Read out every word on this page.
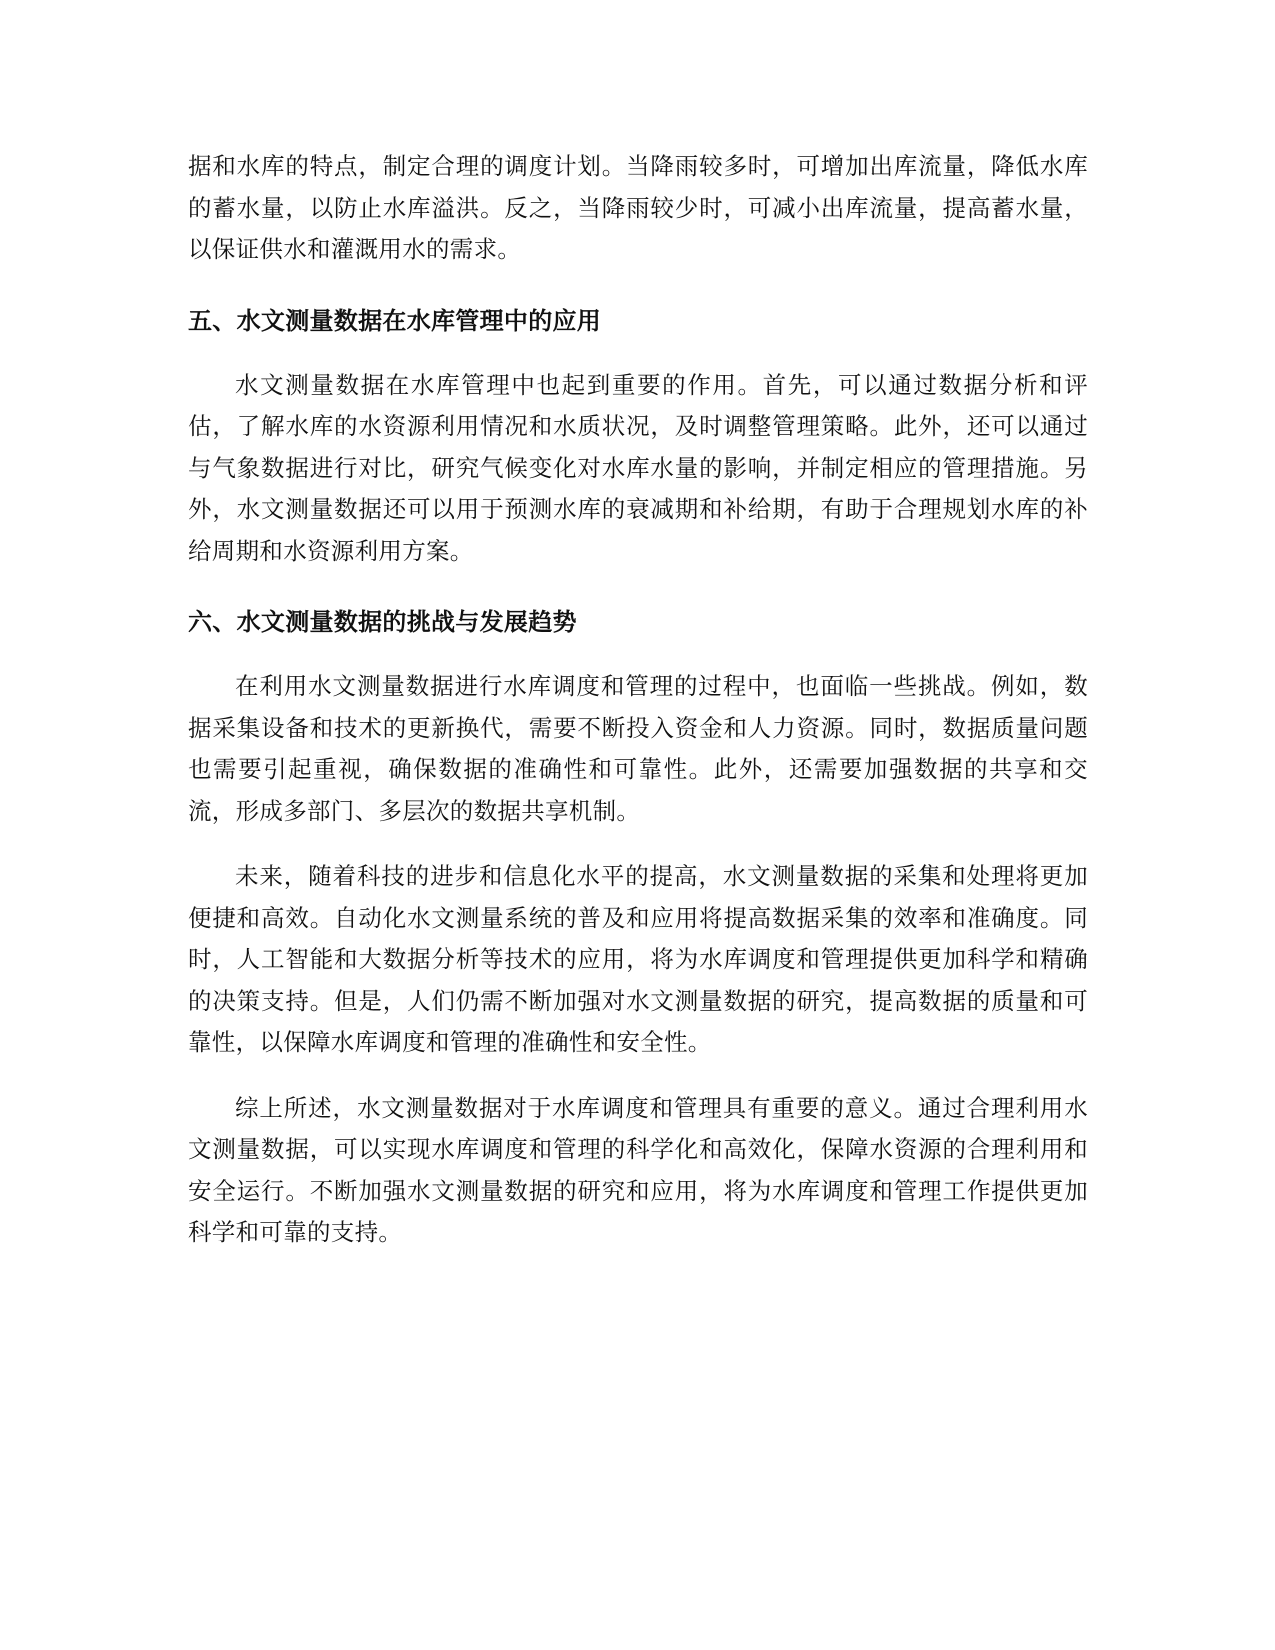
据和水库的特点，制定合理的调度计划。当降雨较多时，可增加出库流量，降低水库的蓄水量，以防止水库溢洪。反之，当降雨较少时，可减小出库流量，提高蓄水量，以保证供水和灌溉用水的需求。

五、水文测量数据在水库管理中的应用

水文测量数据在水库管理中也起到重要的作用。首先，可以通过数据分析和评估，了解水库的水资源利用情况和水质状况，及时调整管理策略。此外，还可以通过与气象数据进行对比，研究气候变化对水库水量的影响，并制定相应的管理措施。另外，水文测量数据还可以用于预测水库的衰减期和补给期，有助于合理规划水库的补给周期和水资源利用方案。

六、水文测量数据的挑战与发展趋势

在利用水文测量数据进行水库调度和管理的过程中，也面临一些挑战。例如，数据采集设备和技术的更新换代，需要不断投入资金和人力资源。同时，数据质量问题也需要引起重视，确保数据的准确性和可靠性。此外，还需要加强数据的共享和交流，形成多部门、多层次的数据共享机制。

未来，随着科技的进步和信息化水平的提高，水文测量数据的采集和处理将更加便捷和高效。自动化水文测量系统的普及和应用将提高数据采集的效率和准确度。同时，人工智能和大数据分析等技术的应用，将为水库调度和管理提供更加科学和精确的决策支持。但是，人们仍需不断加强对水文测量数据的研究，提高数据的质量和可靠性，以保障水库调度和管理的准确性和安全性。

综上所述，水文测量数据对于水库调度和管理具有重要的意义。通过合理利用水文测量数据，可以实现水库调度和管理的科学化和高效化，保障水资源的合理利用和安全运行。不断加强水文测量数据的研究和应用，将为水库调度和管理工作提供更加科学和可靠的支持。
